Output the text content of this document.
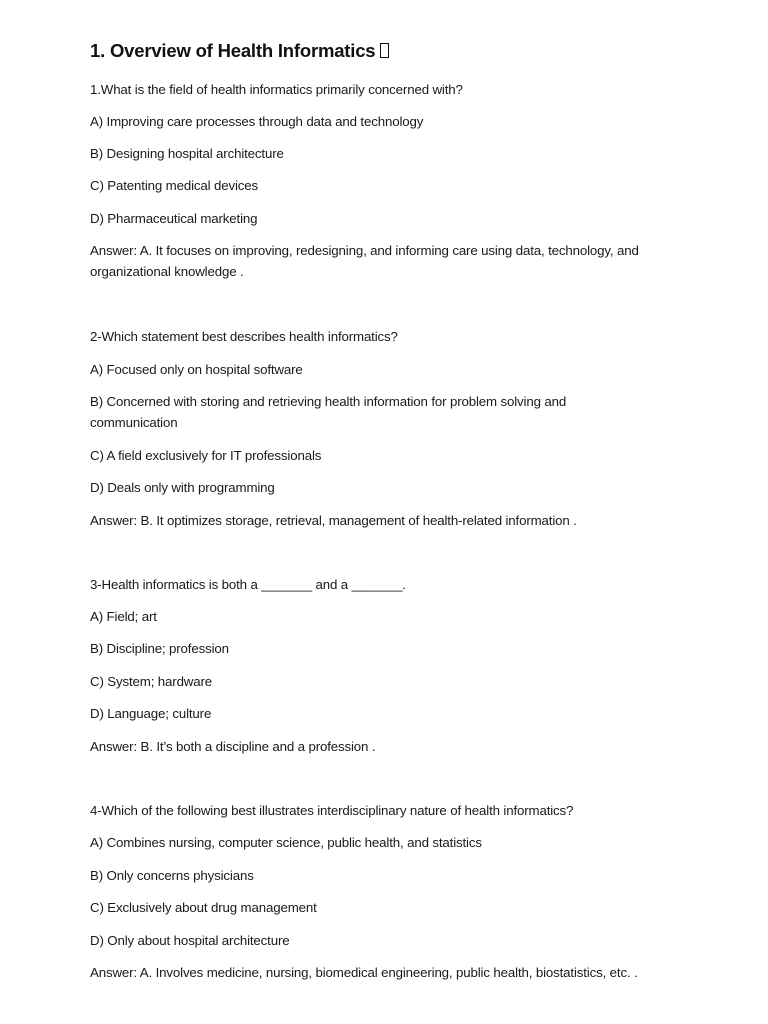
1. Overview of Health Informatics

1.What is the field of health informatics primarily concerned with?

A) Improving care processes through data and technology

B) Designing hospital architecture

C) Patenting medical devices

D) Pharmaceutical marketing

Answer: A. It focuses on improving, redesigning, and informing care using data, technology, and organizational knowledge .

2-Which statement best describes health informatics?

A) Focused only on hospital software

B) Concerned with storing and retrieving health information for problem solving and communication

C) A field exclusively for IT professionals

D) Deals only with programming

Answer: B. It optimizes storage, retrieval, management of health-related information .

3-Health informatics is both a _______ and a _______.

A) Field; art

B) Discipline; profession

C) System; hardware

D) Language; culture

Answer: B. It’s both a discipline and a profession .

4-Which of the following best illustrates interdisciplinary nature of health informatics?

A) Combines nursing, computer science, public health, and statistics

B) Only concerns physicians

C) Exclusively about drug management

D) Only about hospital architecture

Answer: A. Involves medicine, nursing, biomedical engineering, public health, biostatistics, etc. .
